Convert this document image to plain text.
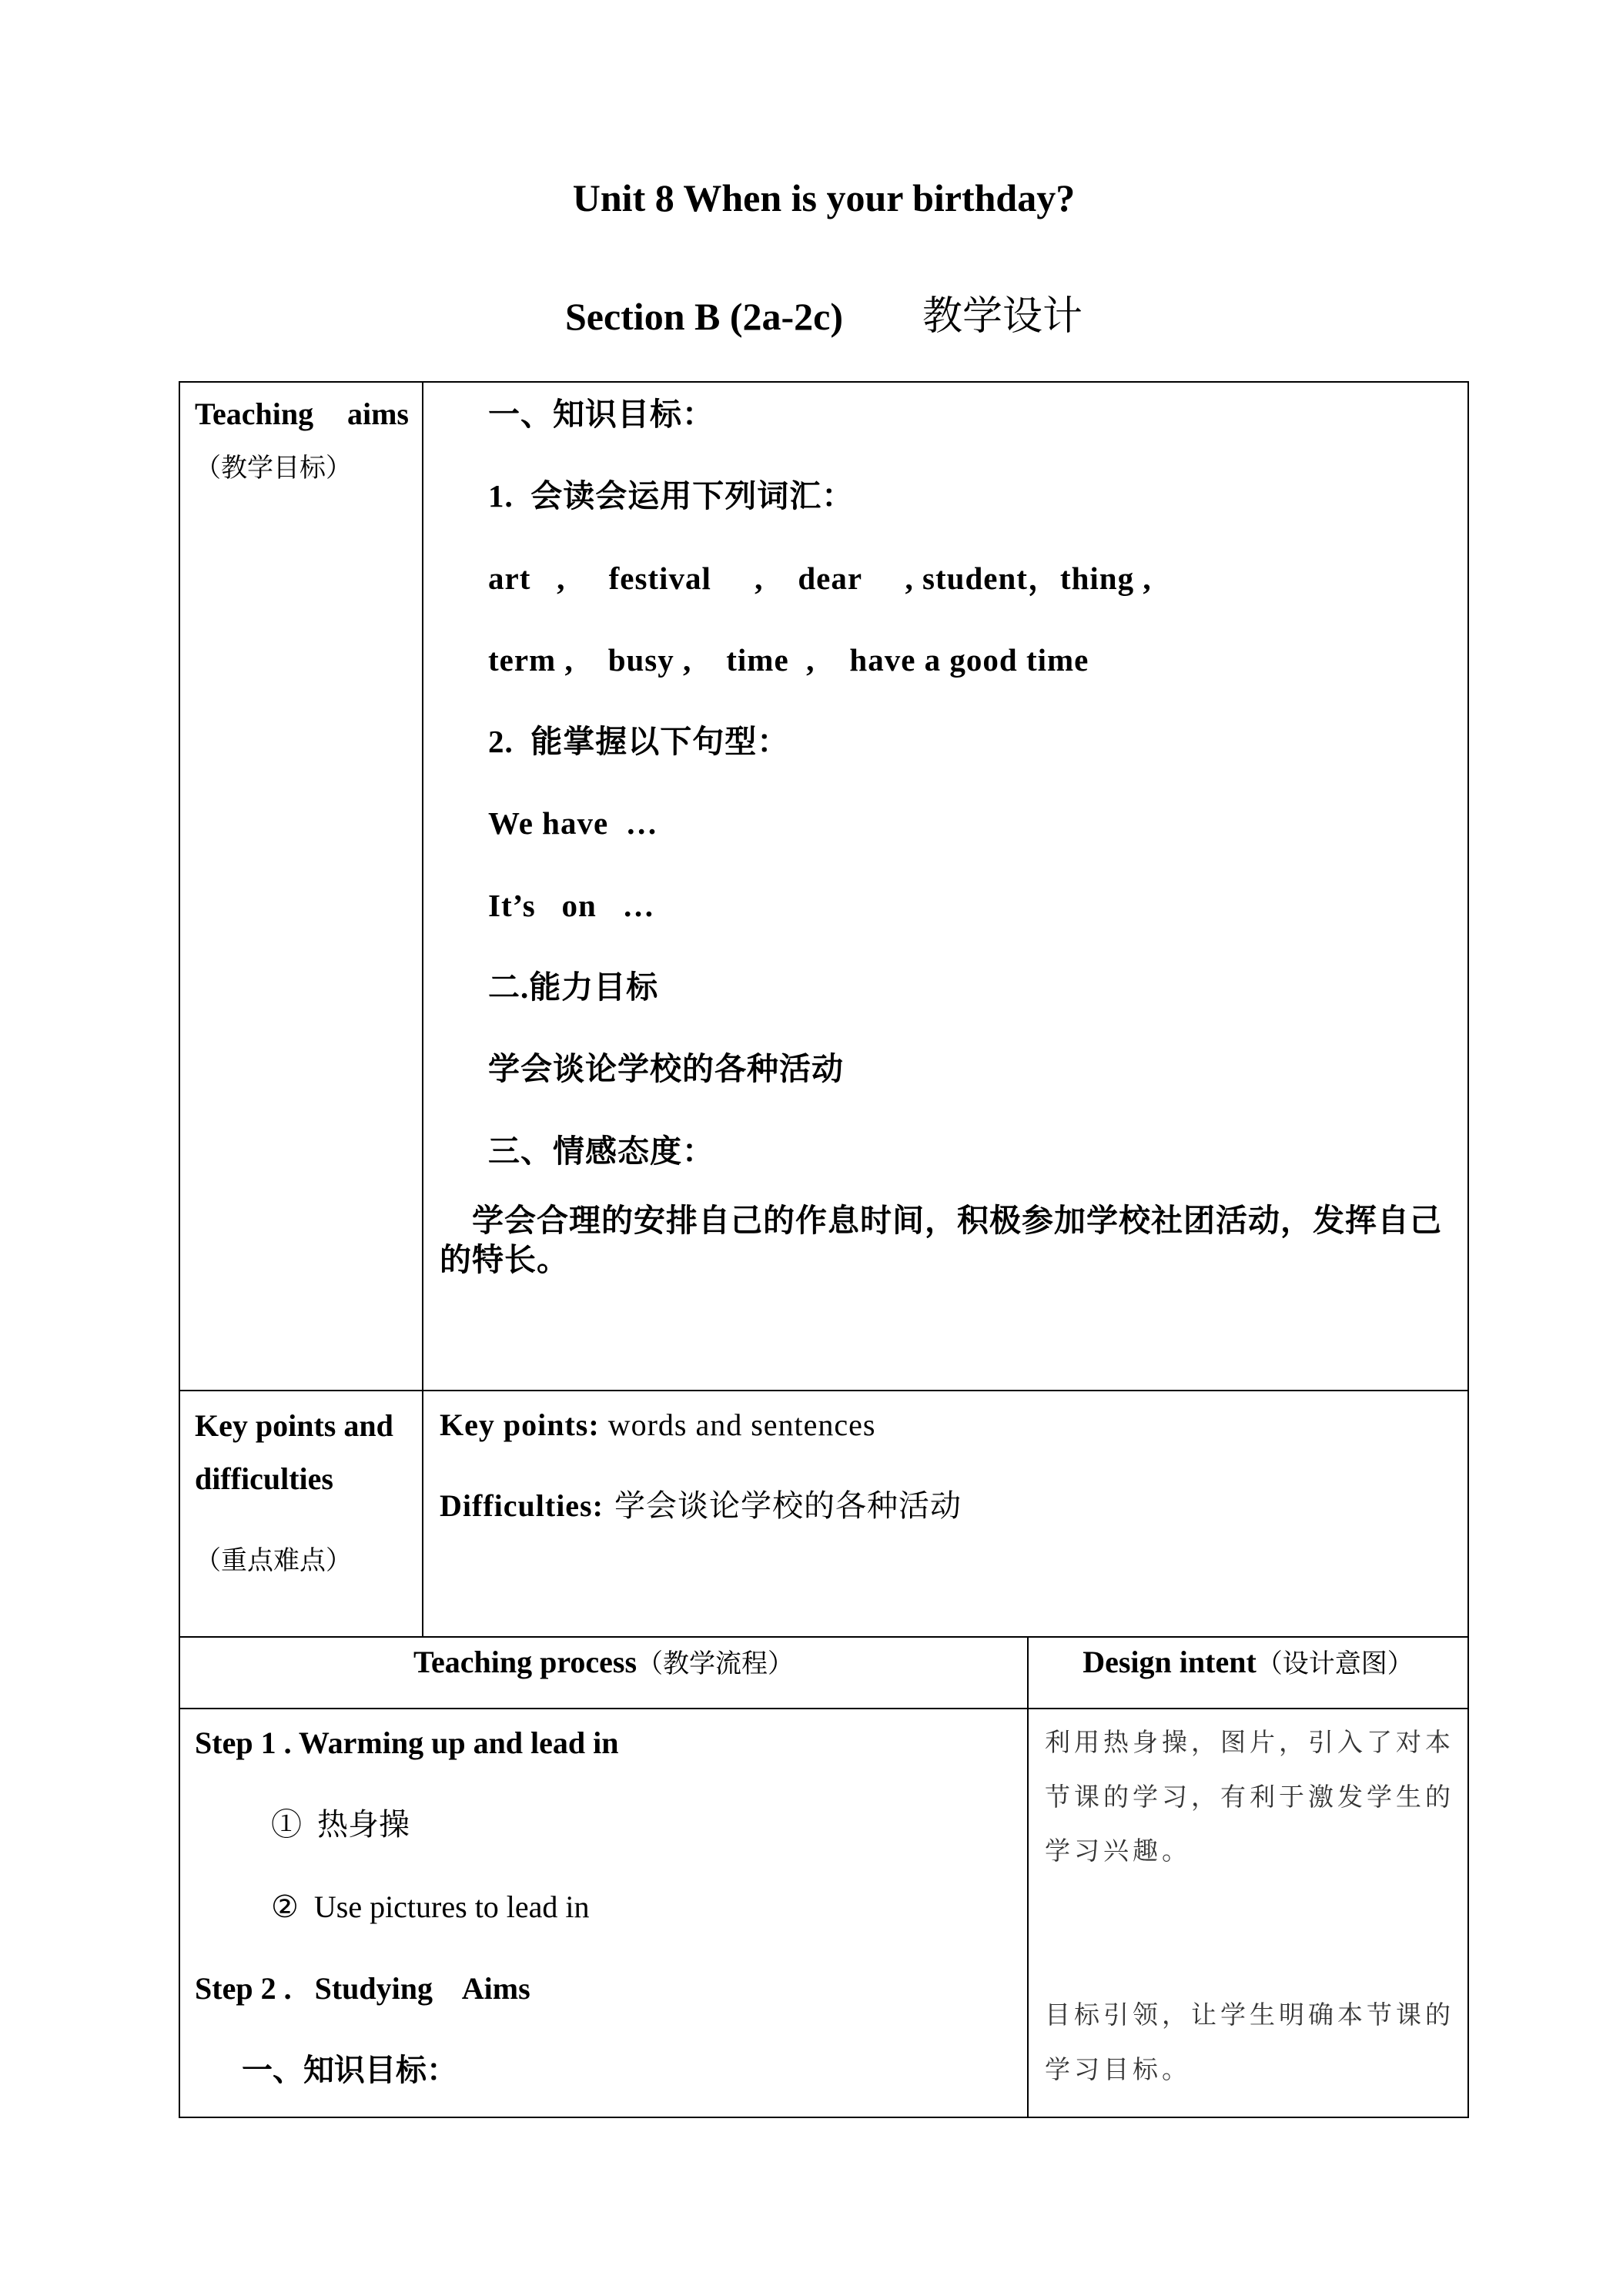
Unit 8 When is your birthday?
Section B (2a-2c) 教学设计
Teaching aims
（教学目标）
一、知识目标：
1.  会读会运用下列词汇：
art   ,     festival     ,    dear     , student，thing ,
term ,    busy ,    time  ,    have a good time
2.  能掌握以下句型：
We have  …
It’s   on   …
二.能力目标
学会谈论学校的各种活动
三、情感态度：

学会合理的安排自己的作息时间，积极参加学校社团活动，发挥自己的特长。

Key points and difficulties
（重点难点）
Key points: words and sentences
Difficulties: 学会谈论学校的各种活动
Teaching process（教学流程）	Design intent（设计意图）
Step 1 . Warming up and lead in
①  热身操
②  Use pictures to lead in
Step 2 .   Studying    Aims
一、知识目标：

利用热身操，图片，引入了对本节课的学习，有利于激发学生的学习兴趣。

目标引领，让学生明确本节课的学习目标。
